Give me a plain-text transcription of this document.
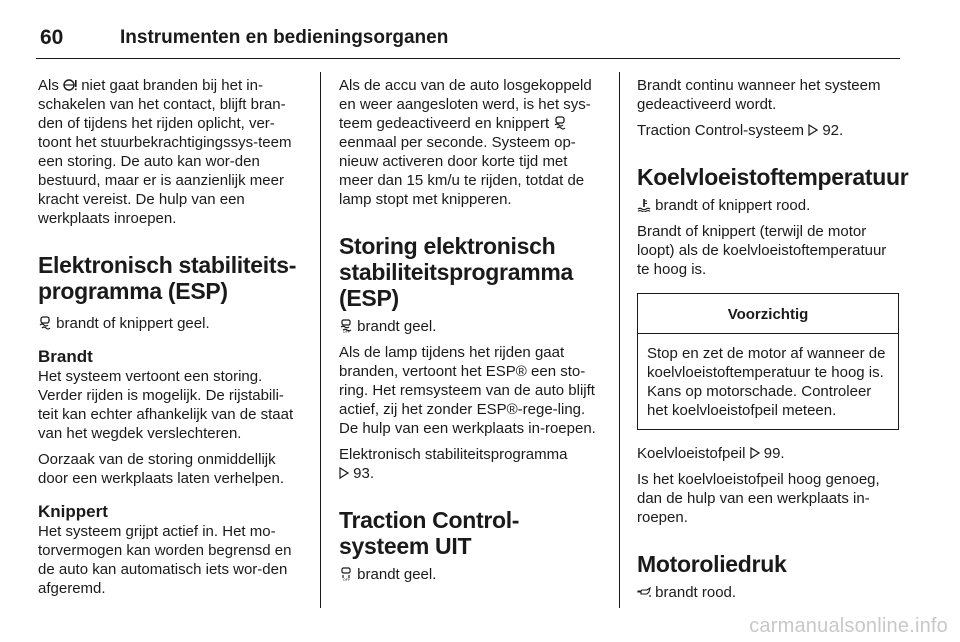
60	Instrumenten en bedieningsorganen

Als niet gaat branden bij het in-schakelen van het contact, blijft bran-den of tijdens het rijden oplicht, ver-toont het stuurbekrachtigingssys-teem een storing. De auto kan wor-den bestuurd, maar er is aanzienlijk meer kracht vereist. De hulp van een werkplaats inroepen.

Elektronisch stabiliteits-programma (ESP)

brandt of knippert geel.

Brandt

Het systeem vertoont een storing. Verder rijden is mogelijk. De rijstabili-teit kan echter afhankelijk van de staat van het wegdek verslechteren.

Oorzaak van de storing onmiddellijk door een werkplaats laten verhelpen.

Knippert

Het systeem grijpt actief in. Het mo-torvermogen kan worden begrensd en de auto kan automatisch iets wor-den afgeremd.

Als de accu van de auto losgekoppeld en weer aangesloten werd, is het sys-teem gedeactiveerd en knippert
eenmaal per seconde. Systeem op-nieuw activeren door korte tijd met meer dan 15 km/u te rijden, totdat de lamp stopt met knipperen.

Storing elektronisch stabiliteitsprogramma (ESP)

OFF brandt geel.

Als de lamp tijdens het rijden gaat branden, vertoont het ESP® een sto-ring. Het remsysteem van de auto blijft actief, zij het zonder ESP®-rege-ling. De hulp van een werkplaats in-roepen.

Elektronisch stabiliteitsprogramma

93.

Traction Control-systeem UIT

OFF brandt geel.

Brandt continu wanneer het systeem gedeactiveerd wordt.

Traction Control-systeem 92.

Koelvloeistoftemperatuur

brandt of knippert rood.

Brandt of knippert (terwijl de motor loopt) als de koelvloeistoftemperatuur te hoog is.

Voorzichtig
Stop en zet de motor af wanneer de koelvloeistoftemperatuur te hoog is. Kans op motorschade. Controleer het koelvloeistofpeil meteen.

Koelvloeistofpeil 99.

Is het koelvloeistofpeil hoog genoeg, dan de hulp van een werkplaats in-roepen.

Motoroliedruk

brandt rood.

carmanualsonline.info
